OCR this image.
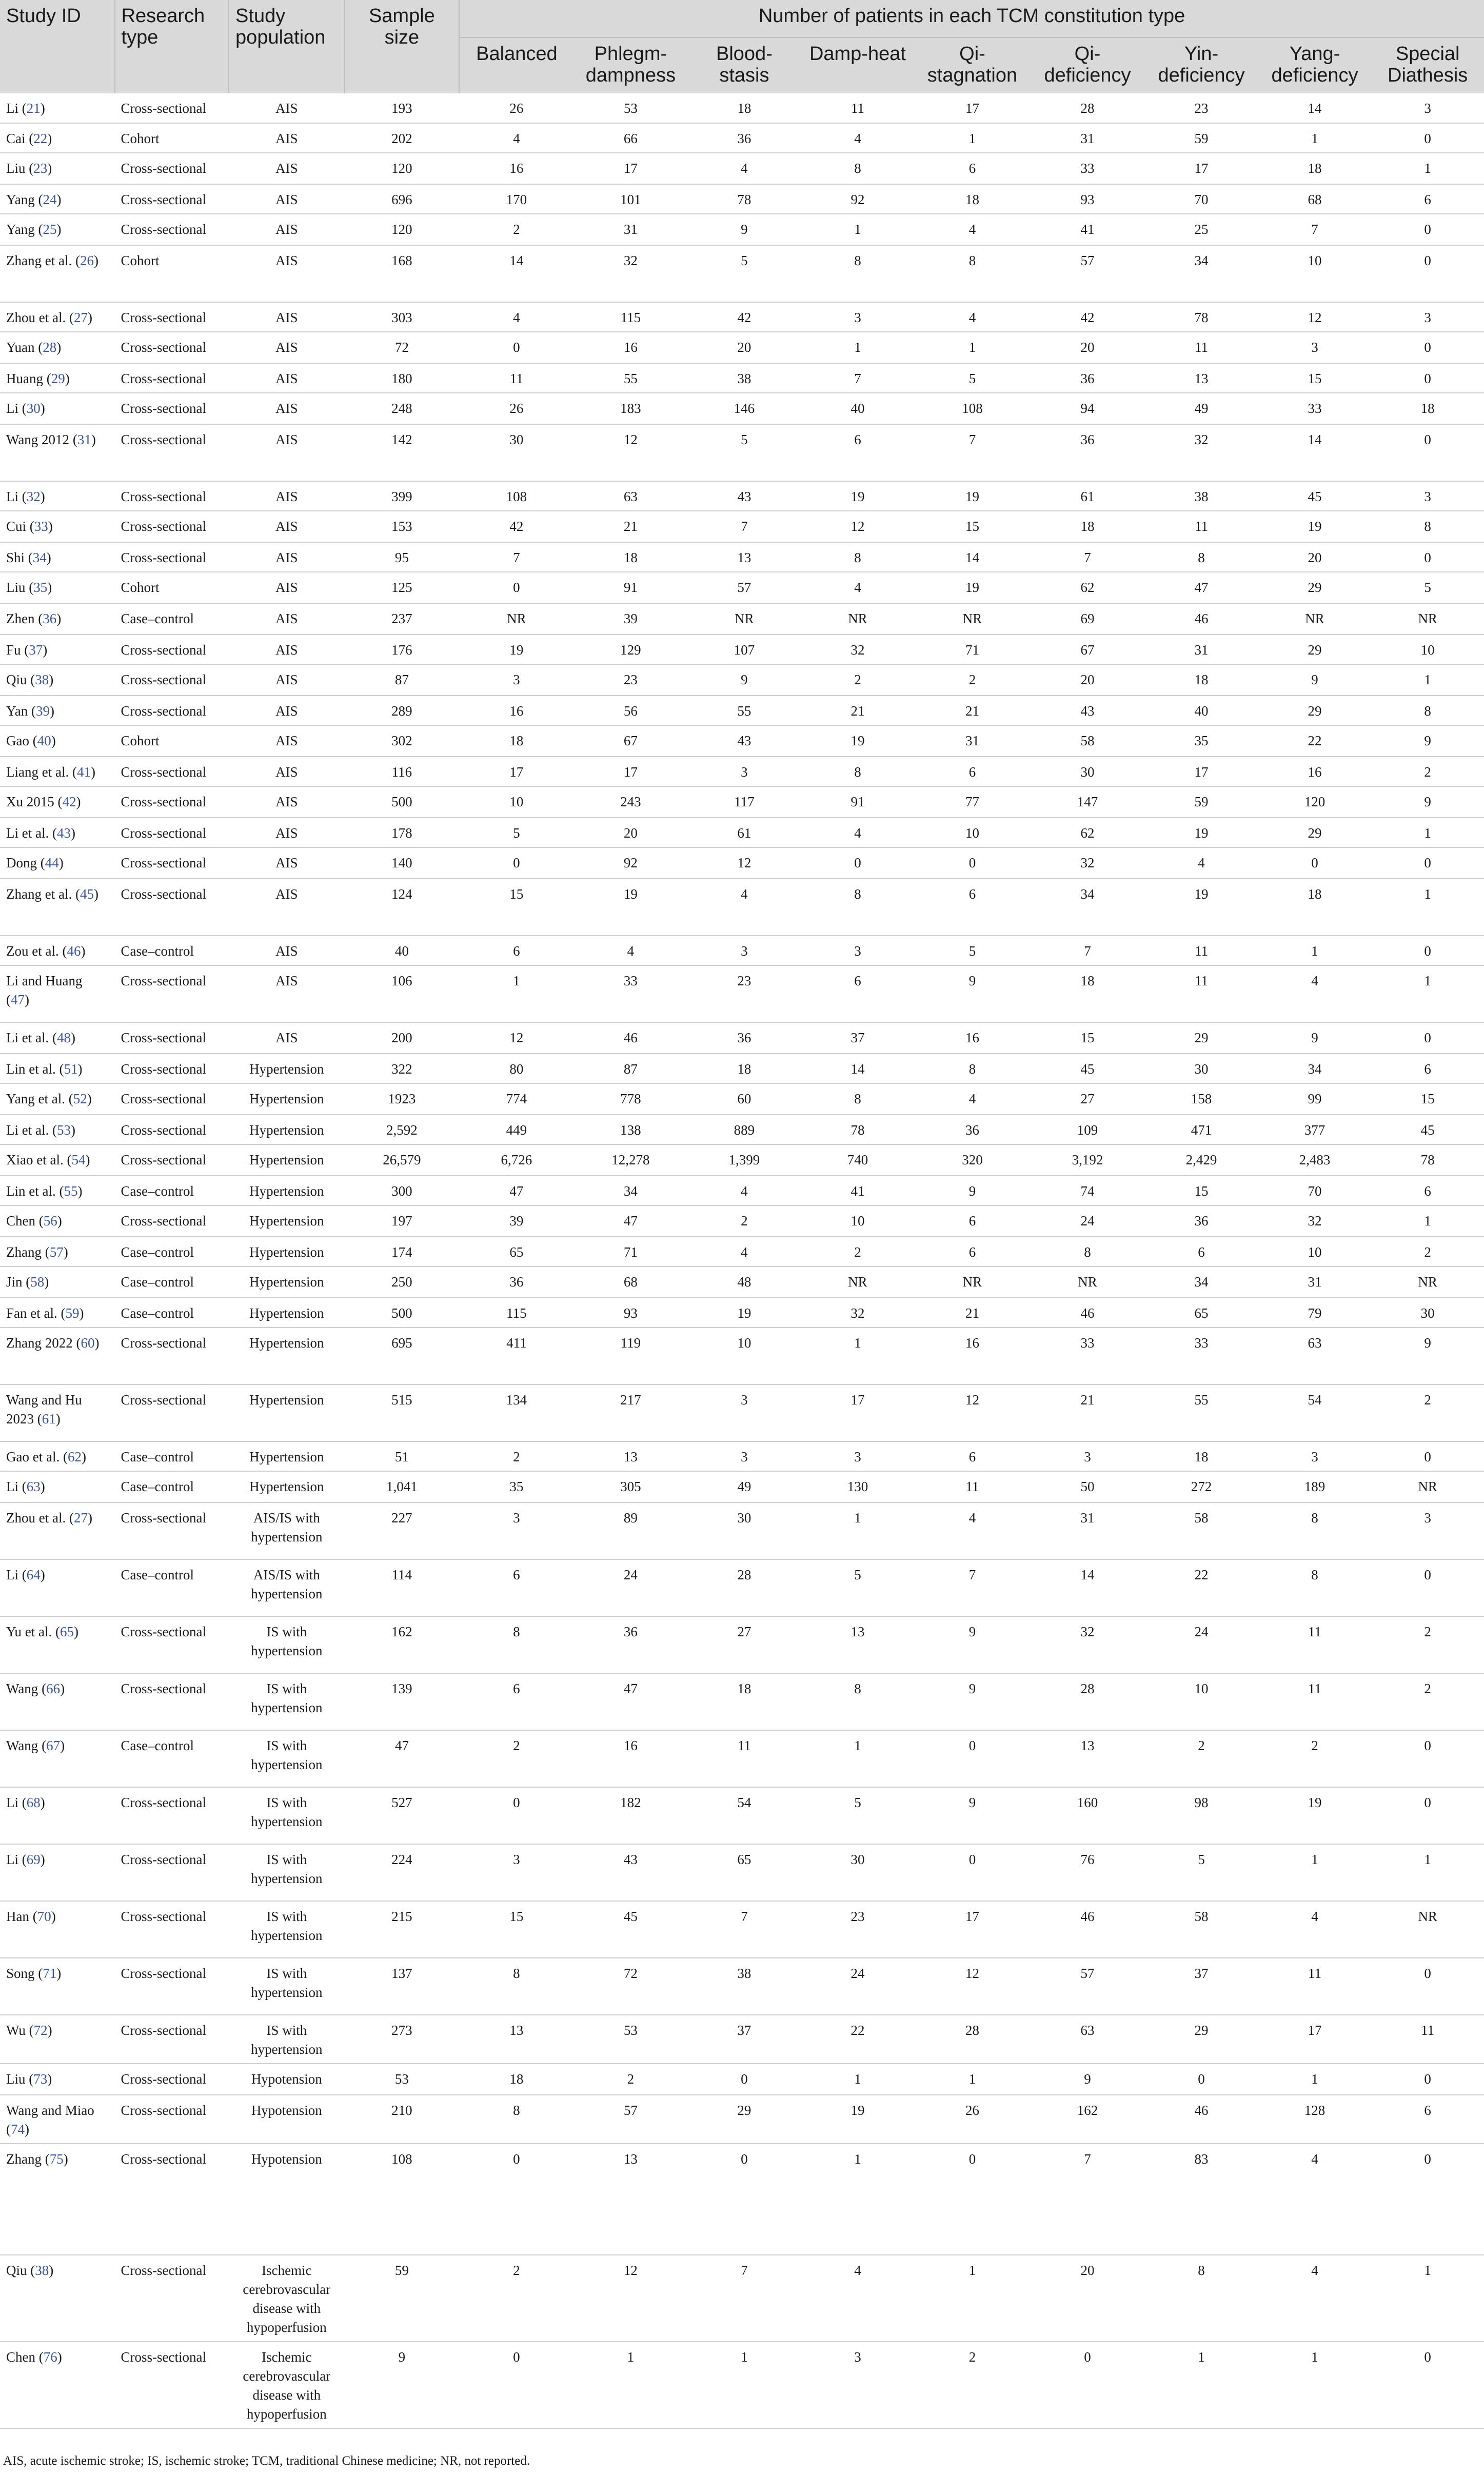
Study ID	Research type	Study population	Sample size	Number of patients in each TCM constitution type								
				Balanced	Phlegm-dampness	Blood-stasis	Damp-heat	Qi-stagnation	Qi-deficiency	Yin-deficiency	Yang-deficiency	Special Diathesis
Li (21)	Cross-sectional	AIS	193	26	53	18	11	17	28	23	14	3
Cai (22)	Cohort	AIS	202	4	66	36	4	1	31	59	1	0
Liu (23)	Cross-sectional	AIS	120	16	17	4	8	6	33	17	18	1
Yang (24)	Cross-sectional	AIS	696	170	101	78	92	18	93	70	68	6
Yang (25)	Cross-sectional	AIS	120	2	31	9	1	4	41	25	7	0
Zhang et al. (26)	Cohort	AIS	168	14	32	5	8	8	57	34	10	0
Zhou et al. (27)	Cross-sectional	AIS	303	4	115	42	3	4	42	78	12	3
Yuan (28)	Cross-sectional	AIS	72	0	16	20	1	1	20	11	3	0
Huang (29)	Cross-sectional	AIS	180	11	55	38	7	5	36	13	15	0
Li (30)	Cross-sectional	AIS	248	26	183	146	40	108	94	49	33	18
Wang 2012 (31)	Cross-sectional	AIS	142	30	12	5	6	7	36	32	14	0
Li (32)	Cross-sectional	AIS	399	108	63	43	19	19	61	38	45	3
Cui (33)	Cross-sectional	AIS	153	42	21	7	12	15	18	11	19	8
Shi (34)	Cross-sectional	AIS	95	7	18	13	8	14	7	8	20	0
Liu (35)	Cohort	AIS	125	0	91	57	4	19	62	47	29	5
Zhen (36)	Case–control	AIS	237	NR	39	NR	NR	NR	69	46	NR	NR
Fu (37)	Cross-sectional	AIS	176	19	129	107	32	71	67	31	29	10
Qiu (38)	Cross-sectional	AIS	87	3	23	9	2	2	20	18	9	1
Yan (39)	Cross-sectional	AIS	289	16	56	55	21	21	43	40	29	8
Gao (40)	Cohort	AIS	302	18	67	43	19	31	58	35	22	9
Liang et al. (41)	Cross-sectional	AIS	116	17	17	3	8	6	30	17	16	2
Xu 2015 (42)	Cross-sectional	AIS	500	10	243	117	91	77	147	59	120	9
Li et al. (43)	Cross-sectional	AIS	178	5	20	61	4	10	62	19	29	1
Dong (44)	Cross-sectional	AIS	140	0	92	12	0	0	32	4	0	0
Zhang et al. (45)	Cross-sectional	AIS	124	15	19	4	8	6	34	19	18	1
Zou et al. (46)	Case–control	AIS	40	6	4	3	3	5	7	11	1	0
Li and Huang (47)	Cross-sectional	AIS	106	1	33	23	6	9	18	11	4	1
Li et al. (48)	Cross-sectional	AIS	200	12	46	36	37	16	15	29	9	0
Lin et al. (51)	Cross-sectional	Hypertension	322	80	87	18	14	8	45	30	34	6
Yang et al. (52)	Cross-sectional	Hypertension	1923	774	778	60	8	4	27	158	99	15
Li et al. (53)	Cross-sectional	Hypertension	2,592	449	138	889	78	36	109	471	377	45
Xiao et al. (54)	Cross-sectional	Hypertension	26,579	6,726	12,278	1,399	740	320	3,192	2,429	2,483	78
Lin et al. (55)	Case–control	Hypertension	300	47	34	4	41	9	74	15	70	6
Chen (56)	Cross-sectional	Hypertension	197	39	47	2	10	6	24	36	32	1
Zhang (57)	Case–control	Hypertension	174	65	71	4	2	6	8	6	10	2
Jin (58)	Case–control	Hypertension	250	36	68	48	NR	NR	NR	34	31	NR
Fan et al. (59)	Case–control	Hypertension	500	115	93	19	32	21	46	65	79	30
Zhang 2022 (60)	Cross-sectional	Hypertension	695	411	119	10	1	16	33	33	63	9
Wang and Hu 2023 (61)	Cross-sectional	Hypertension	515	134	217	3	17	12	21	55	54	2
Gao et al. (62)	Case–control	Hypertension	51	2	13	3	3	6	3	18	3	0
Li (63)	Case–control	Hypertension	1,041	35	305	49	130	11	50	272	189	NR
Zhou et al. (27)	Cross-sectional	AIS/IS with hypertension	227	3	89	30	1	4	31	58	8	3
Li (64)	Case–control	AIS/IS with hypertension	114	6	24	28	5	7	14	22	8	0
Yu et al. (65)	Cross-sectional	IS with hypertension	162	8	36	27	13	9	32	24	11	2
Wang (66)	Cross-sectional	IS with hypertension	139	6	47	18	8	9	28	10	11	2
Wang (67)	Case–control	IS with hypertension	47	2	16	11	1	0	13	2	2	0
Li (68)	Cross-sectional	IS with hypertension	527	0	182	54	5	9	160	98	19	0
Li (69)	Cross-sectional	IS with hypertension	224	3	43	65	30	0	76	5	1	1
Han (70)	Cross-sectional	IS with hypertension	215	15	45	7	23	17	46	58	4	NR
Song (71)	Cross-sectional	IS with hypertension	137	8	72	38	24	12	57	37	11	0
Wu (72)	Cross-sectional	IS with hypertension	273	13	53	37	22	28	63	29	17	11
Liu (73)	Cross-sectional	Hypotension	53	18	2	0	1	1	9	0	1	0
Wang and Miao (74)	Cross-sectional	Hypotension	210	8	57	29	19	26	162	46	128	6
Zhang (75)	Cross-sectional	Hypotension	108	0	13	0	1	0	7	83	4	0
Qiu (38)	Cross-sectional	Ischemic cerebrovascular disease with hypoperfusion	59	2	12	7	4	1	20	8	4	1
Chen (76)	Cross-sectional	Ischemic cerebrovascular disease with hypoperfusion	9	0	1	1	3	2	0	1	1	0
AIS, acute ischemic stroke; IS, ischemic stroke; TCM, traditional Chinese medicine; NR, not reported.
